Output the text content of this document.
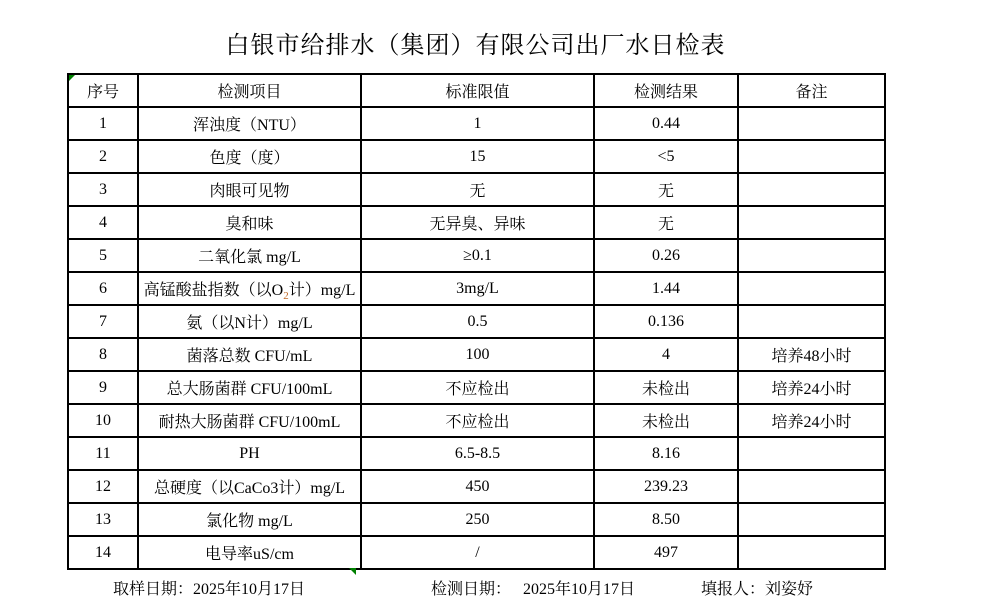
白银市给排水（集团）有限公司出厂水日检表
序号	检测项目	标准限值	检测结果	备注
1	浑浊度（NTU）	1	0.44	
2	色度（度）	15	<5	
3	肉眼可见物	无	无	
4	臭和味	无异臭、异味	无	
5	二氧化氯 mg/L	≥0.1	0.26	
6	高锰酸盐指数（以$O_2$计）mg/L	3mg/L	1.44	
7	氨（以N计）mg/L	0.5	0.136	
8	菌落总数 CFU/mL	100	4	培养48小时
9	总大肠菌群 CFU/100mL	不应检出	未检出	培养24小时
10	耐热大肠菌群 CFU/100mL	不应检出	未检出	培养24小时
11	PH	6.5-8.5	8.16	
12	总硬度（以CaCo3计）mg/L	450	239.23	
13	氯化物 mg/L	250	8.50	
14	电导率uS/cm	/	497	
取样日期：2025年10月17日	检测日期： 2025年10月17日	填报人：刘姿妤
